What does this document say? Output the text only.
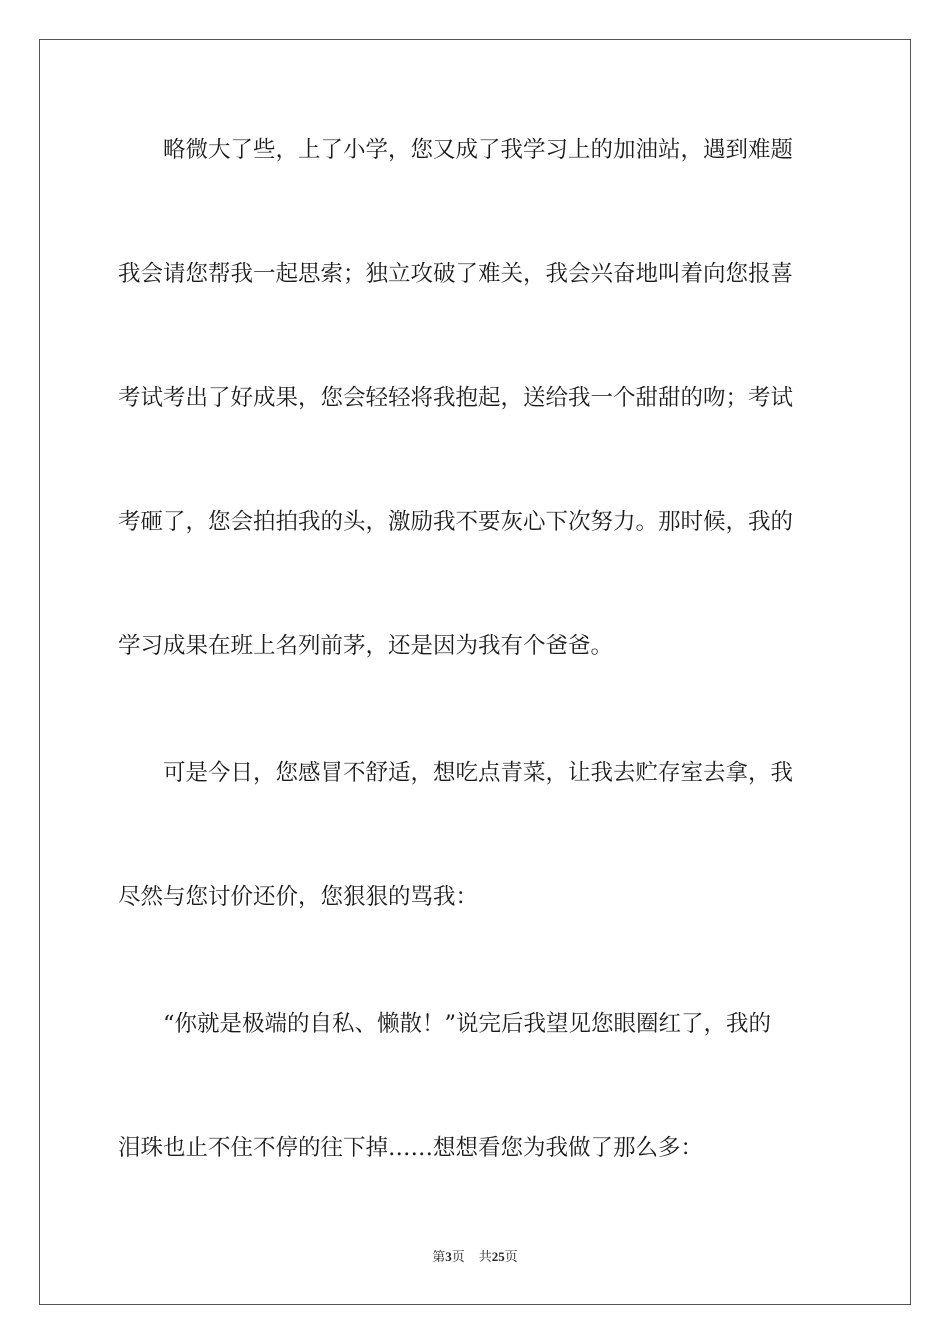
　　略微大了些，上了小学，您又成了我学习上的加油站，遇到难题
我会请您帮我一起思索；独立攻破了难关，我会兴奋地叫着向您报喜
考试考出了好成果，您会轻轻将我抱起，送给我一个甜甜的吻；考试
考砸了，您会拍拍我的头，激励我不要灰心下次努力。那时候，我的
学习成果在班上名列前茅，还是因为我有个爸爸。
　　可是今日，您感冒不舒适，想吃点青菜，让我去贮存室去拿，我
尽然与您讨价还价，您狠狠的骂我：
　　“你就是极端的自私、懒散！”说完后我望见您眼圈红了，我的
泪珠也止不住不停的往下掉……想想看您为我做了那么多：
第3页 共25页
